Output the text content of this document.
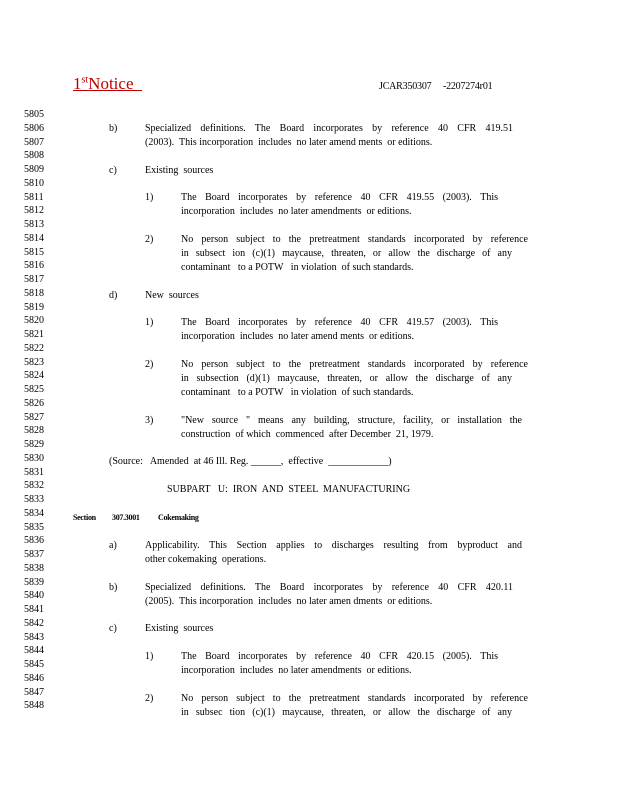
1stNotice	JCAR350307     -2207274r01
5805
5806
5807
5808
5809
5810
5811
5812
5813
5814
5815
5816
5817
5818
5819
5820
5821
5822
5823
5824
5825
5826
5827
5828
5829
5830
5831
5832
5833
5834
5835
5836
5837
5838
5839
5840
5841
5842
5843
5844
5845
5846
5847
5848
b)	Specialized definitions. The Board incorporates by reference 40 CFR 419.51
(2003).  This incorporation  includes  no later amend ments  or editions.
c)	Existing  sources
1)	The Board incorporates by reference 40 CFR 419.55 (2003). This
incorporation  includes  no later amendments  or editions.
2)	No person subject to the pretreatment standards incorporated by reference
in subsect ion (c)(1) maycause, threaten, or allow the discharge of any
contaminant   to a POTW   in violation  of such standards.
d)	New  sources
1)	The Board incorporates by reference 40 CFR 419.57 (2003). This
incorporation  includes  no later amend ments  or editions.
2)	No person subject to the pretreatment standards incorporated by reference
in subsection (d)(1) maycause, threaten, or allow the discharge of any
contaminant   to a POTW   in violation  of such standards.
3)	"New source " means any building, structure, facility, or installation the
construction  of which  commenced  after December  21, 1979.
(Source:   Amended  at 46 Ill. Reg. ______,  effective  ____________)
SUBPART   U:  IRON  AND  STEEL  MANUFACTURING
Section 307.3001 Cokemaking
a)	Applicability. This Section applies to discharges resulting from byproduct and
other cokemaking  operations.
b)	Specialized definitions. The Board incorporates by reference 40 CFR 420.11
(2005).  This incorporation  includes  no later amen dments  or editions.
c)	Existing  sources
1)	The Board incorporates by reference 40 CFR 420.15 (2005). This
incorporation  includes  no later amendments  or editions.
2)	No person subject to the pretreatment standards incorporated by reference
in subsec tion (c)(1) maycause, threaten, or allow the discharge of any
